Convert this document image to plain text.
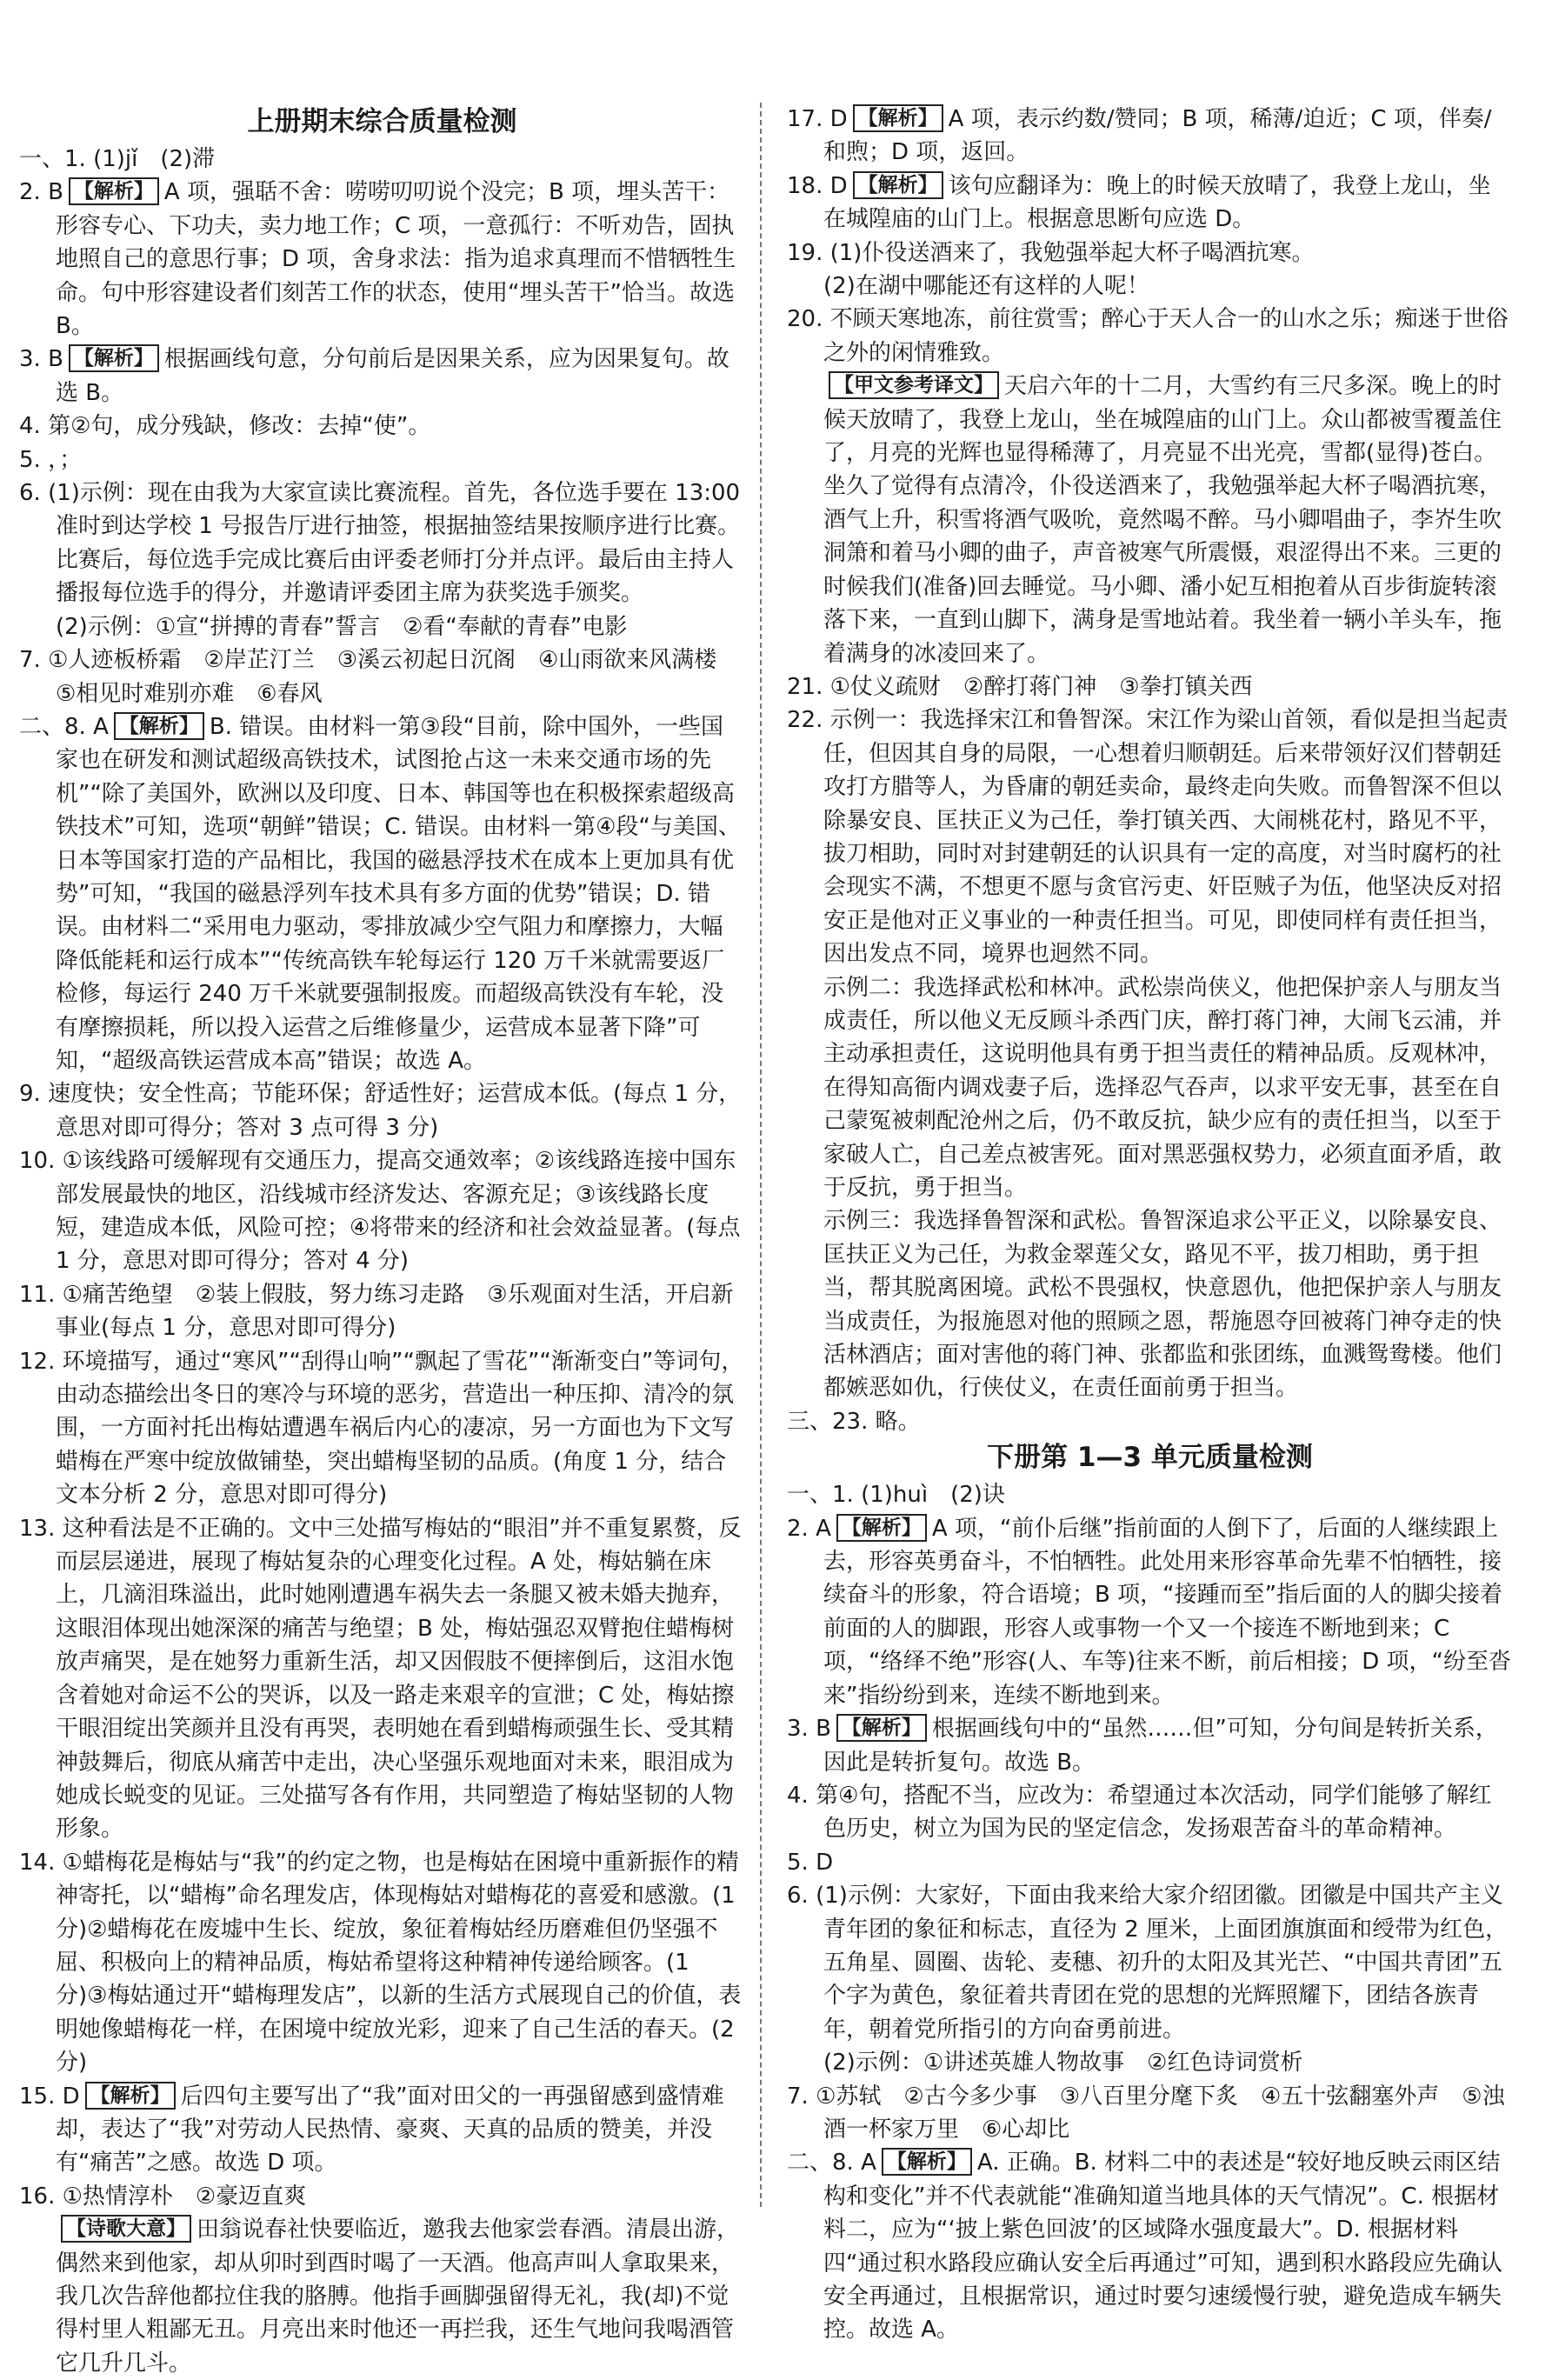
上册期末综合质量检测

一、1. (1)jǐ　(2)滞

2. B 【解析】 A 项，强聒不舍：唠唠叨叨说个没完；B 项，埋头苦干：形容专心、下功夫，卖力地工作；C 项，一意孤行：不听劝告，固执地照自己的意思行事；D 项，舍身求法：指为追求真理而不惜牺牲生命。句中形容建设者们刻苦工作的状态，使用“埋头苦干”恰当。故选 B。

3. B 【解析】 根据画线句意，分句前后是因果关系，应为因果复句。故选 B。

4. 第②句，成分残缺，修改：去掉“使”。

5. ，；

6. (1)示例：现在由我为大家宣读比赛流程。首先，各位选手要在 13:00 准时到达学校 1 号报告厅进行抽签，根据抽签结果按顺序进行比赛。比赛后，每位选手完成比赛后由评委老师打分并点评。最后由主持人播报每位选手的得分，并邀请评委团主席为获奖选手颁奖。

(2)示例：①宣“拼搏的青春”誓言　②看“奉献的青春”电影

7. ①人迹板桥霜　②岸芷汀兰　③溪云初起日沉阁　④山雨欲来风满楼　⑤相见时难别亦难　⑥春风

二、8. A 【解析】 B. 错误。由材料一第③段“目前，除中国外，一些国家也在研发和测试超级高铁技术，试图抢占这一未来交通市场的先机”“除了美国外，欧洲以及印度、日本、韩国等也在积极探索超级高铁技术”可知，选项“朝鲜”错误；C. 错误。由材料一第④段“与美国、日本等国家打造的产品相比，我国的磁悬浮技术在成本上更加具有优势”可知，“我国的磁悬浮列车技术具有多方面的优势”错误；D. 错误。由材料二“采用电力驱动，零排放减少空气阻力和摩擦力，大幅降低能耗和运行成本”“传统高铁车轮每运行 120 万千米就需要返厂检修，每运行 240 万千米就要强制报废。而超级高铁没有车轮，没有摩擦损耗，所以投入运营之后维修量少，运营成本显著下降”可知，“超级高铁运营成本高”错误；故选 A。

9. 速度快；安全性高；节能环保；舒适性好；运营成本低。(每点 1 分，意思对即可得分；答对 3 点可得 3 分)

10. ①该线路可缓解现有交通压力，提高交通效率；②该线路连接中国东部发展最快的地区，沿线城市经济发达、客源充足；③该线路长度短，建造成本低，风险可控；④将带来的经济和社会效益显著。(每点 1 分，意思对即可得分；答对 4 分)

11. ①痛苦绝望　②装上假肢，努力练习走路　③乐观面对生活，开启新事业(每点 1 分，意思对即可得分)

12. 环境描写，通过“寒风”“刮得山响”“飘起了雪花”“渐渐变白”等词句，由动态描绘出冬日的寒冷与环境的恶劣，营造出一种压抑、清冷的氛围，一方面衬托出梅姑遭遇车祸后内心的凄凉，另一方面也为下文写蜡梅在严寒中绽放做铺垫，突出蜡梅坚韧的品质。(角度 1 分，结合文本分析 2 分，意思对即可得分)

13. 这种看法是不正确的。文中三处描写梅姑的“眼泪”并不重复累赘，反而层层递进，展现了梅姑复杂的心理变化过程。A 处，梅姑躺在床上，几滴泪珠溢出，此时她刚遭遇车祸失去一条腿又被未婚夫抛弃，这眼泪体现出她深深的痛苦与绝望；B 处，梅姑强忍双臂抱住蜡梅树放声痛哭，是在她努力重新生活，却又因假肢不便摔倒后，这泪水饱含着她对命运不公的哭诉，以及一路走来艰辛的宣泄；C 处，梅姑擦干眼泪绽出笑颜并且没有再哭，表明她在看到蜡梅顽强生长、受其精神鼓舞后，彻底从痛苦中走出，决心坚强乐观地面对未来，眼泪成为她成长蜕变的见证。三处描写各有作用，共同塑造了梅姑坚韧的人物形象。

14. ①蜡梅花是梅姑与“我”的约定之物，也是梅姑在困境中重新振作的精神寄托，以“蜡梅”命名理发店，体现梅姑对蜡梅花的喜爱和感激。(1 分)②蜡梅花在废墟中生长、绽放，象征着梅姑经历磨难但仍坚强不屈、积极向上的精神品质，梅姑希望将这种精神传递给顾客。(1 分)③梅姑通过开“蜡梅理发店”，以新的生活方式展现自己的价值，表明她像蜡梅花一样，在困境中绽放光彩，迎来了自己生活的春天。(2 分)

15. D 【解析】 后四句主要写出了“我”面对田父的一再强留感到盛情难却，表达了“我”对劳动人民热情、豪爽、天真的品质的赞美，并没有“痛苦”之感。故选 D 项。

16. ①热情淳朴　②豪迈直爽

【诗歌大意】 田翁说春社快要临近，邀我去他家尝春酒。清晨出游，偶然来到他家，却从卯时到酉时喝了一天酒。他高声叫人拿取果来，我几次告辞他都拉住我的胳膊。他指手画脚强留得无礼，我(却)不觉得村里人粗鄙无丑。月亮出来时他还一再拦我，还生气地问我喝酒管它几升几斗。

17. D 【解析】 A 项，表示约数/赞同；B 项，稀薄/迫近；C 项，伴奏/和煦；D 项，返回。

18. D 【解析】 该句应翻译为：晚上的时候天放晴了，我登上龙山，坐在城隍庙的山门上。根据意思断句应选 D。

19. (1)仆役送酒来了，我勉强举起大杯子喝酒抗寒。

(2)在湖中哪能还有这样的人呢！

20. 不顾天寒地冻，前往赏雪；醉心于天人合一的山水之乐；痴迷于世俗之外的闲情雅致。

【甲文参考译文】 天启六年的十二月，大雪约有三尺多深。晚上的时候天放晴了，我登上龙山，坐在城隍庙的山门上。众山都被雪覆盖住了，月亮的光辉也显得稀薄了，月亮显不出光亮，雪都(显得)苍白。坐久了觉得有点清冷，仆役送酒来了，我勉强举起大杯子喝酒抗寒，酒气上升，积雪将酒气吸吮，竟然喝不醉。马小卿唱曲子，李岕生吹洞箫和着马小卿的曲子，声音被寒气所震慑，艰涩得出不来。三更的时候我们(准备)回去睡觉。马小卿、潘小妃互相抱着从百步街旋转滚落下来，一直到山脚下，满身是雪地站着。我坐着一辆小羊头车，拖着满身的冰凌回来了。

21. ①仗义疏财　②醉打蒋门神　③拳打镇关西

22. 示例一：我选择宋江和鲁智深。宋江作为梁山首领，看似是担当起责任，但因其自身的局限，一心想着归顺朝廷。后来带领好汉们替朝廷攻打方腊等人，为昏庸的朝廷卖命，最终走向失败。而鲁智深不但以除暴安良、匡扶正义为己任，拳打镇关西、大闹桃花村，路见不平，拔刀相助，同时对封建朝廷的认识具有一定的高度，对当时腐朽的社会现实不满，不想更不愿与贪官污吏、奸臣贼子为伍，他坚决反对招安正是他对正义事业的一种责任担当。可见，即使同样有责任担当，因出发点不同，境界也迥然不同。

示例二：我选择武松和林冲。武松崇尚侠义，他把保护亲人与朋友当成责任，所以他义无反顾斗杀西门庆，醉打蒋门神，大闹飞云浦，并主动承担责任，这说明他具有勇于担当责任的精神品质。反观林冲，在得知高衙内调戏妻子后，选择忍气吞声，以求平安无事，甚至在自己蒙冤被刺配沧州之后，仍不敢反抗，缺少应有的责任担当，以至于家破人亡，自己差点被害死。面对黑恶强权势力，必须直面矛盾，敢于反抗，勇于担当。

示例三：我选择鲁智深和武松。鲁智深追求公平正义，以除暴安良、匡扶正义为己任，为救金翠莲父女，路见不平，拔刀相助，勇于担当，帮其脱离困境。武松不畏强权，快意恩仇，他把保护亲人与朋友当成责任，为报施恩对他的照顾之恩，帮施恩夺回被蒋门神夺走的快活林酒店；面对害他的蒋门神、张都监和张团练，血溅鸳鸯楼。他们都嫉恶如仇，行侠仗义，在责任面前勇于担当。

三、23. 略。

下册第 1—3 单元质量检测

一、1. (1)huì　(2)诀

2. A 【解析】 A 项，“前仆后继”指前面的人倒下了，后面的人继续跟上去，形容英勇奋斗，不怕牺牲。此处用来形容革命先辈不怕牺牲，接续奋斗的形象，符合语境；B 项，“接踵而至”指后面的人的脚尖接着前面的人的脚跟，形容人或事物一个又一个接连不断地到来；C 项，“络绎不绝”形容(人、车等)往来不断，前后相接；D 项，“纷至沓来”指纷纷到来，连续不断地到来。

3. B 【解析】 根据画线句中的“虽然……但”可知，分句间是转折关系，因此是转折复句。故选 B。

4. 第④句，搭配不当，应改为：希望通过本次活动，同学们能够了解红色历史，树立为国为民的坚定信念，发扬艰苦奋斗的革命精神。

5. D

6. (1)示例：大家好，下面由我来给大家介绍团徽。团徽是中国共产主义青年团的象征和标志，直径为 2 厘米，上面团旗旗面和绶带为红色，五角星、圆圈、齿轮、麦穗、初升的太阳及其光芒、“中国共青团”五个字为黄色，象征着共青团在党的思想的光辉照耀下，团结各族青年，朝着党所指引的方向奋勇前进。

(2)示例：①讲述英雄人物故事　②红色诗词赏析

7. ①苏轼　②古今多少事　③八百里分麾下炙　④五十弦翻塞外声　⑤浊酒一杯家万里　⑥心却比

二、8. A 【解析】 A. 正确。B. 材料二中的表述是“较好地反映云雨区结构和变化”并不代表就能“准确知道当地具体的天气情况”。C. 根据材料二，应为“‘披上紫色回波’的区域降水强度最大”。D. 根据材料四“通过积水路段应确认安全后再通过”可知，遇到积水路段应先确认安全再通过，且根据常识，通过时要匀速缓慢行驶，避免造成车辆失控。故选 A。
